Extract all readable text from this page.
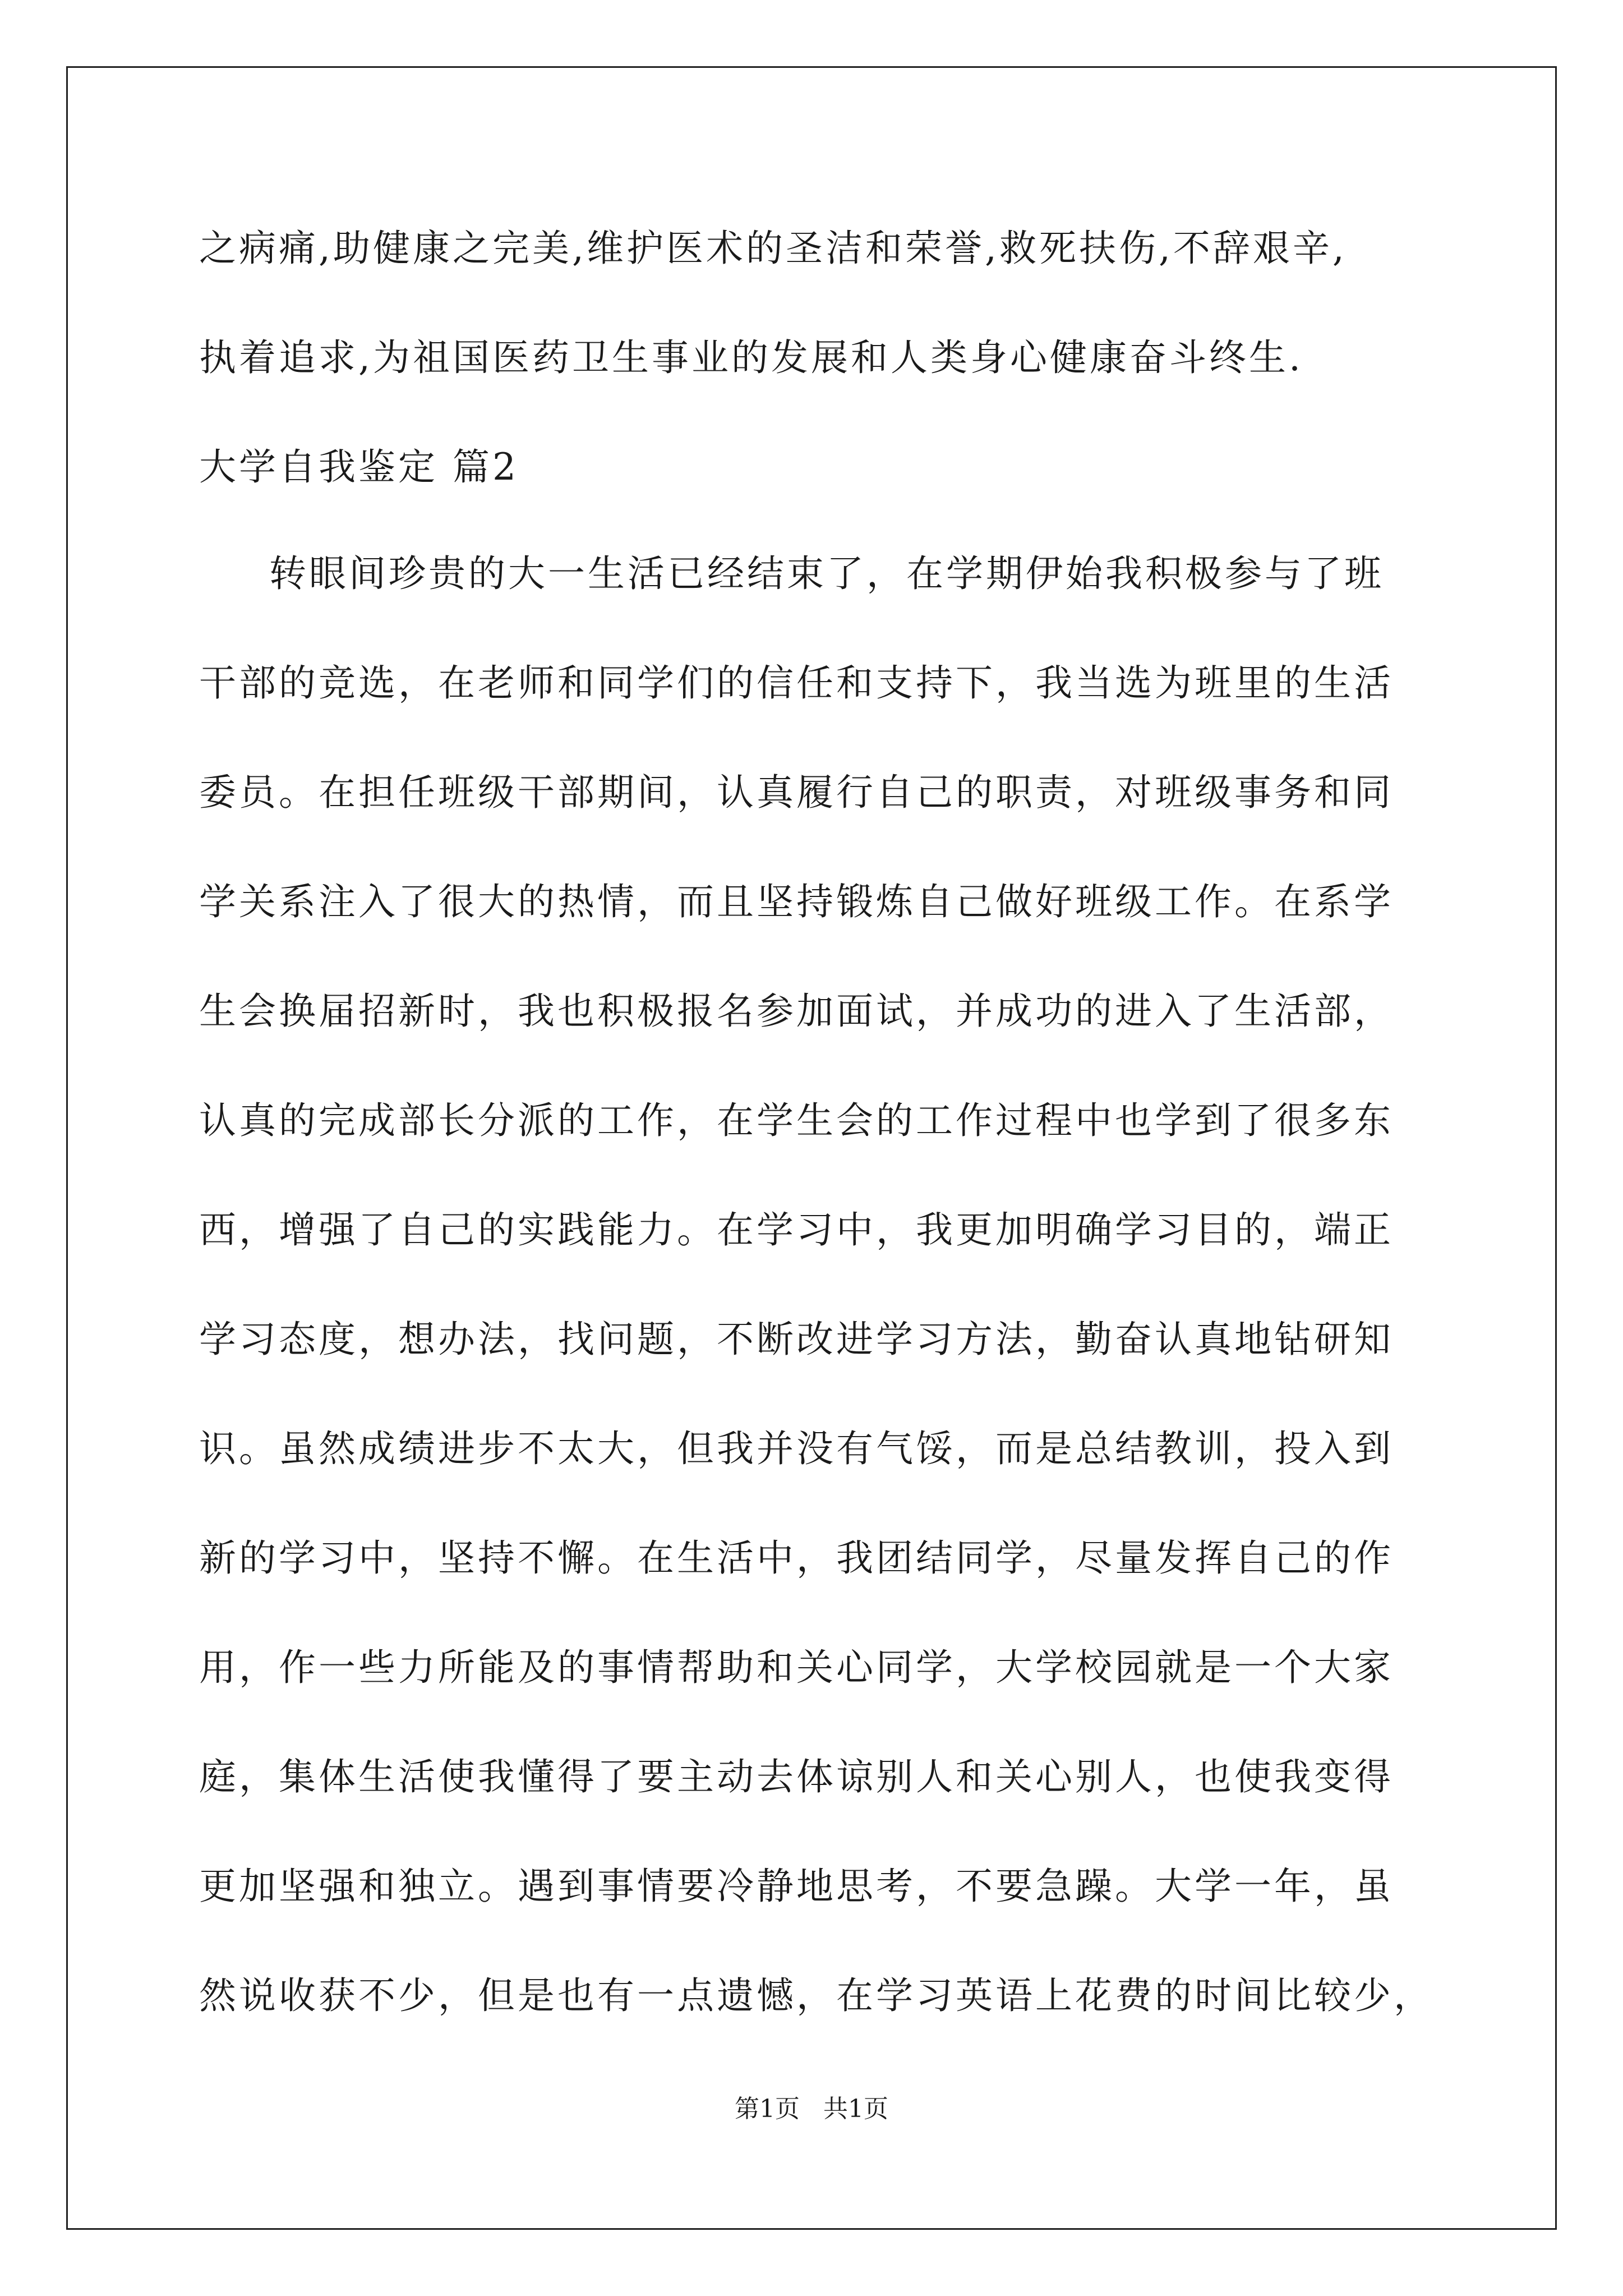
之病痛,助健康之完美,维护医术的圣洁和荣誉,救死扶伤,不辞艰辛,
执着追求,为祖国医药卫生事业的发展和人类身心健康奋斗终生.
大学自我鉴定 篇2
转眼间珍贵的大一生活已经结束了，在学期伊始我积极参与了班
干部的竞选，在老师和同学们的信任和支持下，我当选为班里的生活
委员。在担任班级干部期间，认真履行自己的职责，对班级事务和同
学关系注入了很大的热情，而且坚持锻炼自己做好班级工作。在系学
生会换届招新时，我也积极报名参加面试，并成功的进入了生活部，
认真的完成部长分派的工作，在学生会的工作过程中也学到了很多东
西，增强了自己的实践能力。在学习中，我更加明确学习目的，端正
学习态度，想办法，找问题，不断改进学习方法，勤奋认真地钻研知
识。虽然成绩进步不太大，但我并没有气馁，而是总结教训，投入到
新的学习中，坚持不懈。在生活中，我团结同学，尽量发挥自己的作
用，作一些力所能及的事情帮助和关心同学，大学校园就是一个大家
庭，集体生活使我懂得了要主动去体谅别人和关心别人，也使我变得
更加坚强和独立。遇到事情要冷静地思考，不要急躁。大学一年，虽
然说收获不少，但是也有一点遗憾，在学习英语上花费的时间比较少，
第1页   共1页
